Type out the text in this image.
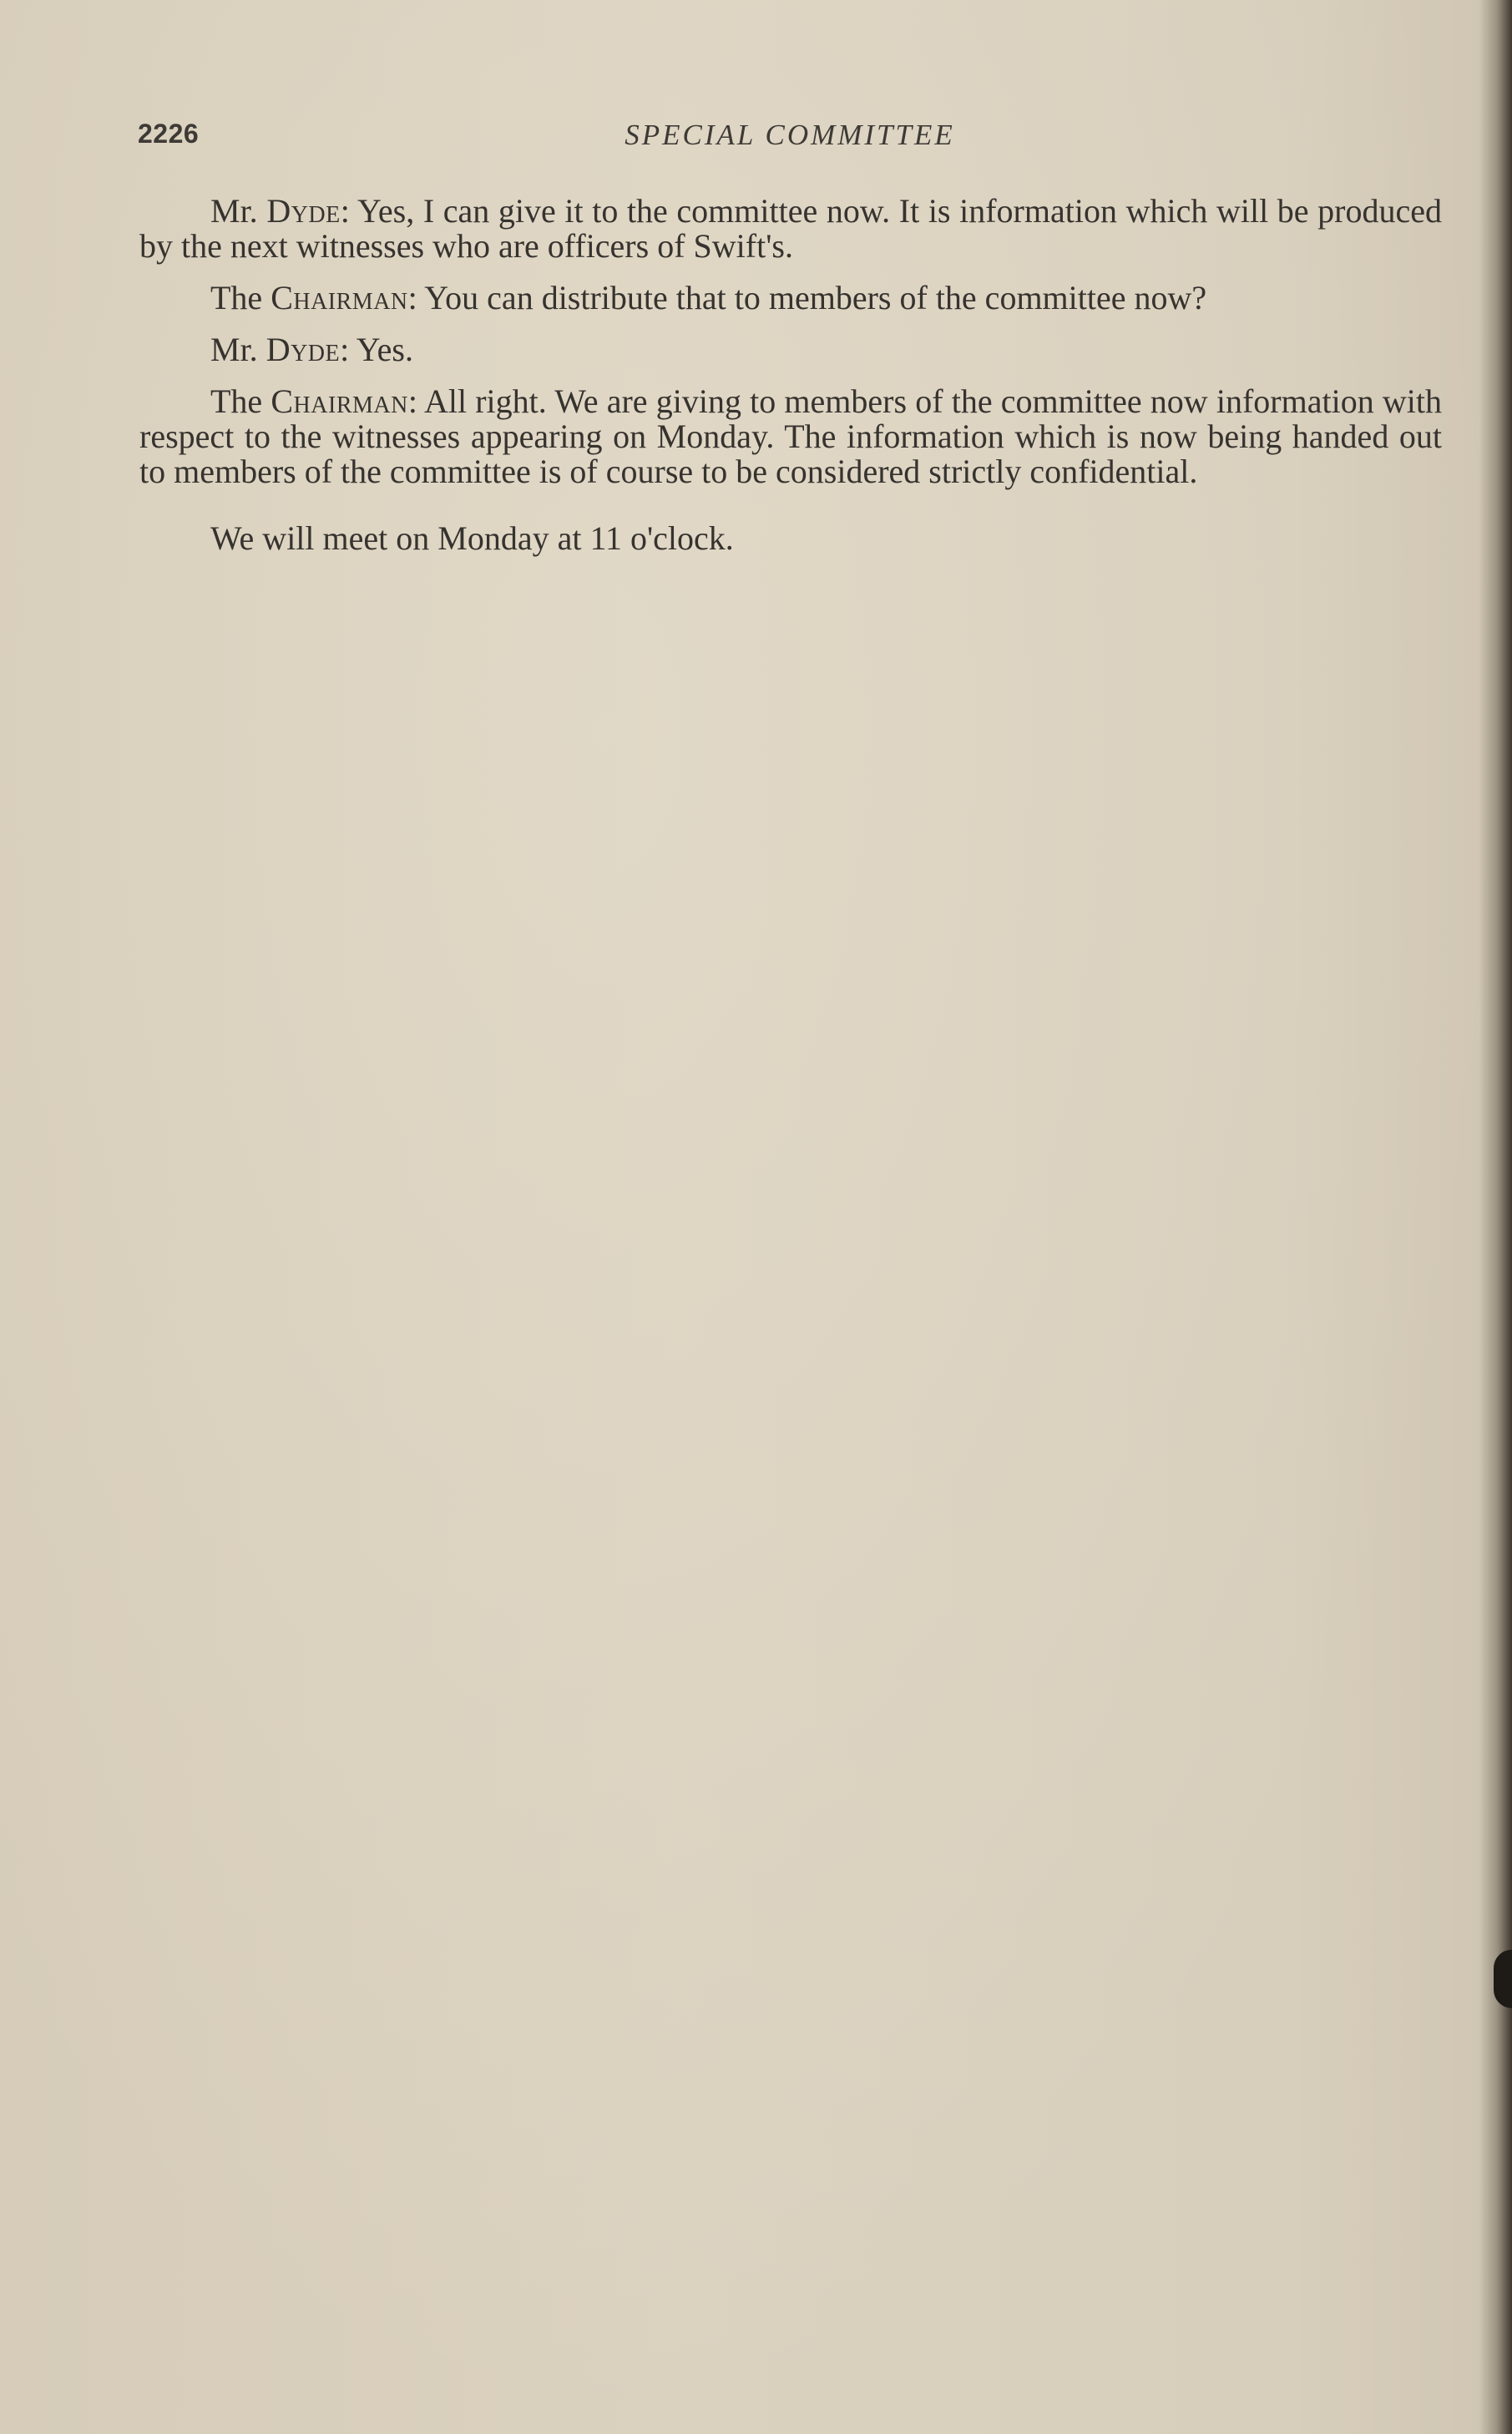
2226	SPECIAL COMMITTEE

Mr. Dyde: Yes, I can give it to the committee now. It is information which will be produced by the next witnesses who are officers of Swift's.

The Chairman: You can distribute that to members of the committee now?

Mr. Dyde: Yes.

The Chairman: All right. We are giving to members of the committee now information with respect to the witnesses appearing on Monday. The information which is now being handed out to members of the committee is of course to be considered strictly confidential.

We will meet on Monday at 11 o'clock.
